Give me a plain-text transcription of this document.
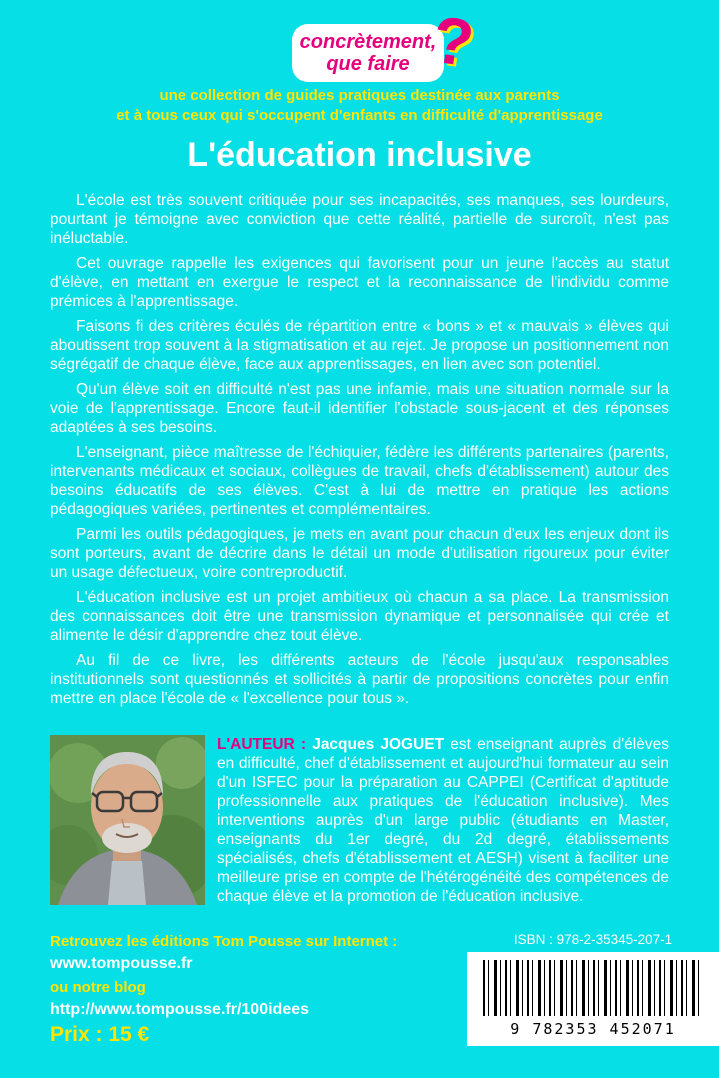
concrètement,
que faire ?
une collection de guides pratiques destinée aux parents
et à tous ceux qui s'occupent d'enfants en difficulté d'apprentissage
L'éducation inclusive

L'école est très souvent critiquée pour ses incapacités, ses manques, ses lourdeurs, pourtant je témoigne avec conviction que cette réalité, partielle de surcroît, n'est pas inéluctable.

Cet ouvrage rappelle les exigences qui favorisent pour un jeune l'accès au statut d'élève, en mettant en exergue le respect et la reconnaissance de l'individu comme prémices à l'apprentissage.

Faisons fi des critères éculés de répartition entre « bons » et « mauvais » élèves qui aboutissent trop souvent à la stigmatisation et au rejet. Je propose un positionnement non ségrégatif de chaque élève, face aux apprentissages, en lien avec son potentiel.

Qu'un élève soit en difficulté n'est pas une infamie, mais une situation normale sur la voie de l'apprentissage. Encore faut-il identifier l'obstacle sous-jacent et des réponses adaptées à ses besoins.

L'enseignant, pièce maîtresse de l'échiquier, fédère les différents partenaires (parents, intervenants médicaux et sociaux, collègues de travail, chefs d'établissement) autour des besoins éducatifs de ses élèves. C'est à lui de mettre en pratique les actions pédagogiques variées, pertinentes et complémentaires.

Parmi les outils pédagogiques, je mets en avant pour chacun d'eux les enjeux dont ils sont porteurs, avant de décrire dans le détail un mode d'utilisation rigoureux pour éviter un usage défectueux, voire contreproductif.

L'éducation inclusive est un projet ambitieux où chacun a sa place. La transmission des connaissances doit être une transmission dynamique et personnalisée qui crée et alimente le désir d'apprendre chez tout élève.

Au fil de ce livre, les différents acteurs de l'école jusqu'aux responsables institutionnels sont questionnés et sollicités à partir de propositions concrètes pour enfin mettre en place l'école de « l'excellence pour tous ».

L'AUTEUR : Jacques JOGUET est enseignant auprès d'élèves en difficulté, chef d'établissement et aujourd'hui formateur au sein d'un ISFEC pour la préparation au CAPPEI (Certificat d'aptitude professionnelle aux pratiques de l'éducation inclusive). Mes interventions auprès d'un large public (étudiants en Master, enseignants du 1er degré, du 2d degré, établissements spécialisés, chefs d'établissement et AESH) visent à faciliter une meilleure prise en compte de l'hétérogénéité des compétences de chaque élève et la promotion de l'éducation inclusive.
Retrouvez les éditions Tom Pousse sur Internet :
www.tompousse.fr
ou notre blog
http://www.tompousse.fr/100idees
Prix : 15 €
ISBN : 978-2-35345-207-1
9 782353 452071
